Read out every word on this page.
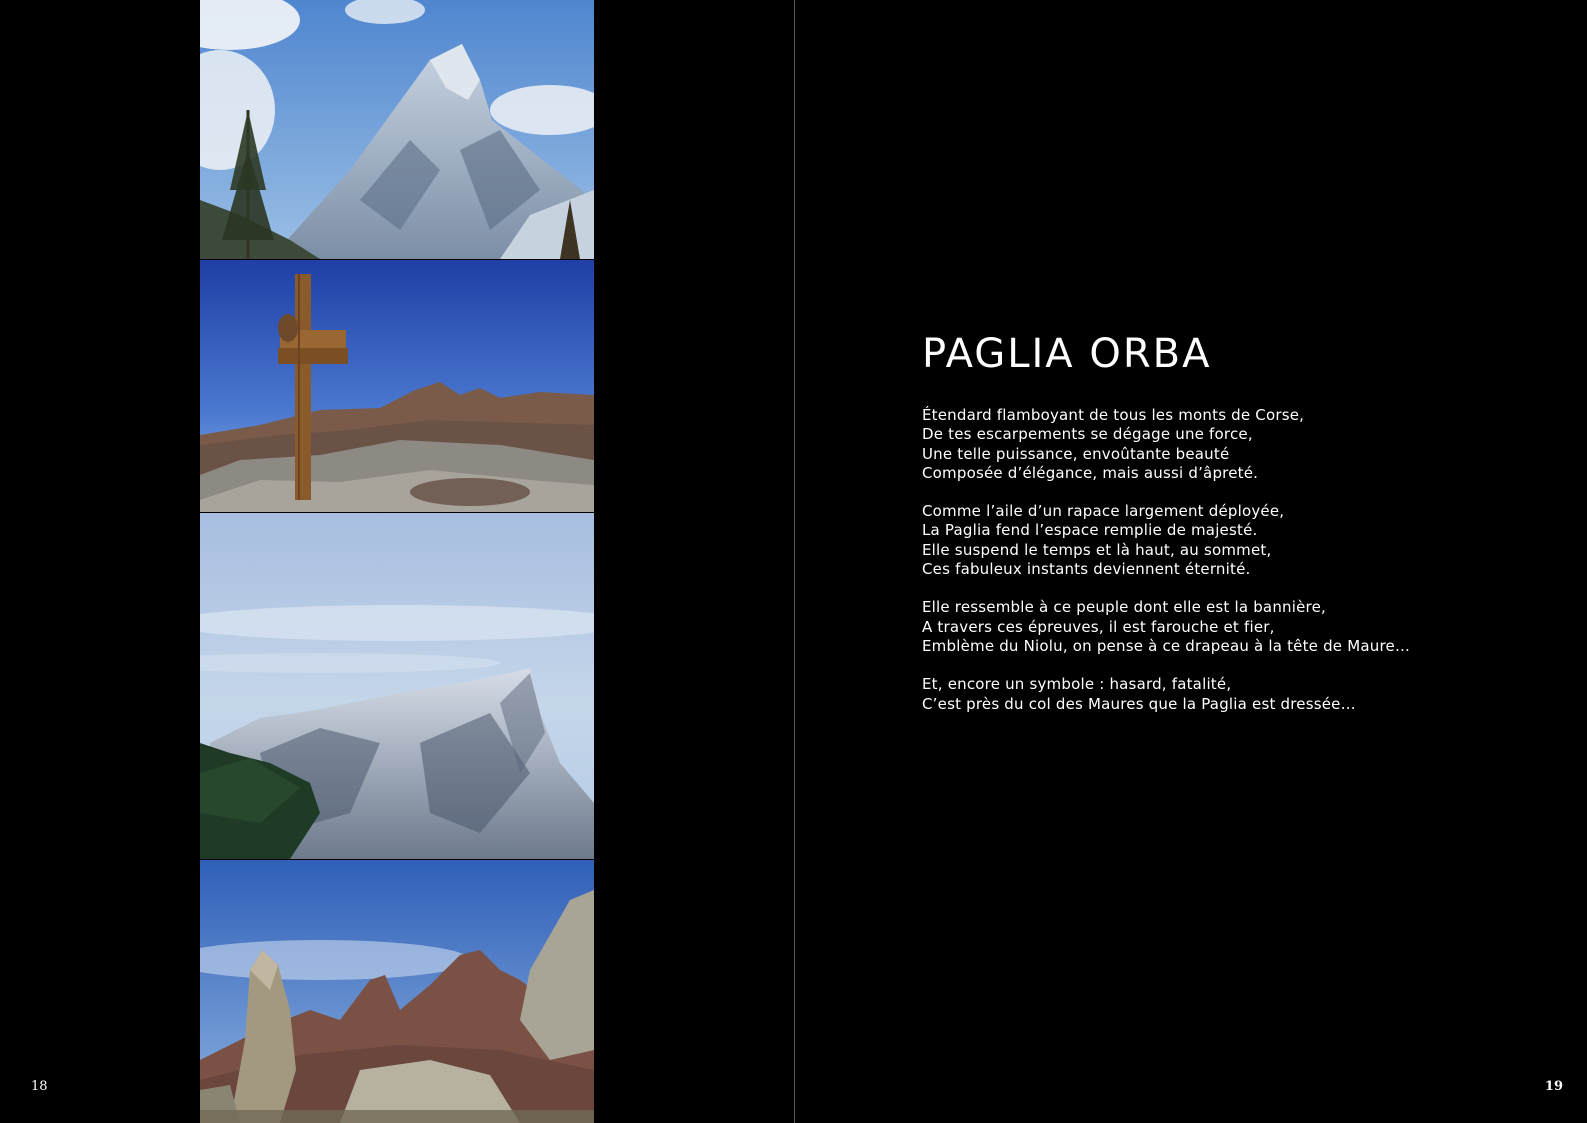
18	19
PAGLIA ORBA
Étendard flamboyant de tous les monts de Corse,
De tes escarpements se dégage une force,
Une telle puissance, envoûtante beauté
Composée d’élégance, mais aussi d’âpreté.
Comme l’aile d’un rapace largement déployée,
La Paglia fend l’espace remplie de majesté.
Elle suspend le temps et là haut, au sommet,
Ces fabuleux instants deviennent éternité.
Elle ressemble à ce peuple dont elle est la bannière,
A travers ces épreuves, il est farouche et fier,
Emblème du Niolu, on pense à ce drapeau à la tête de Maure…
Et, encore un symbole : hasard, fatalité,
C’est près du col des Maures que la Paglia est dressée…
